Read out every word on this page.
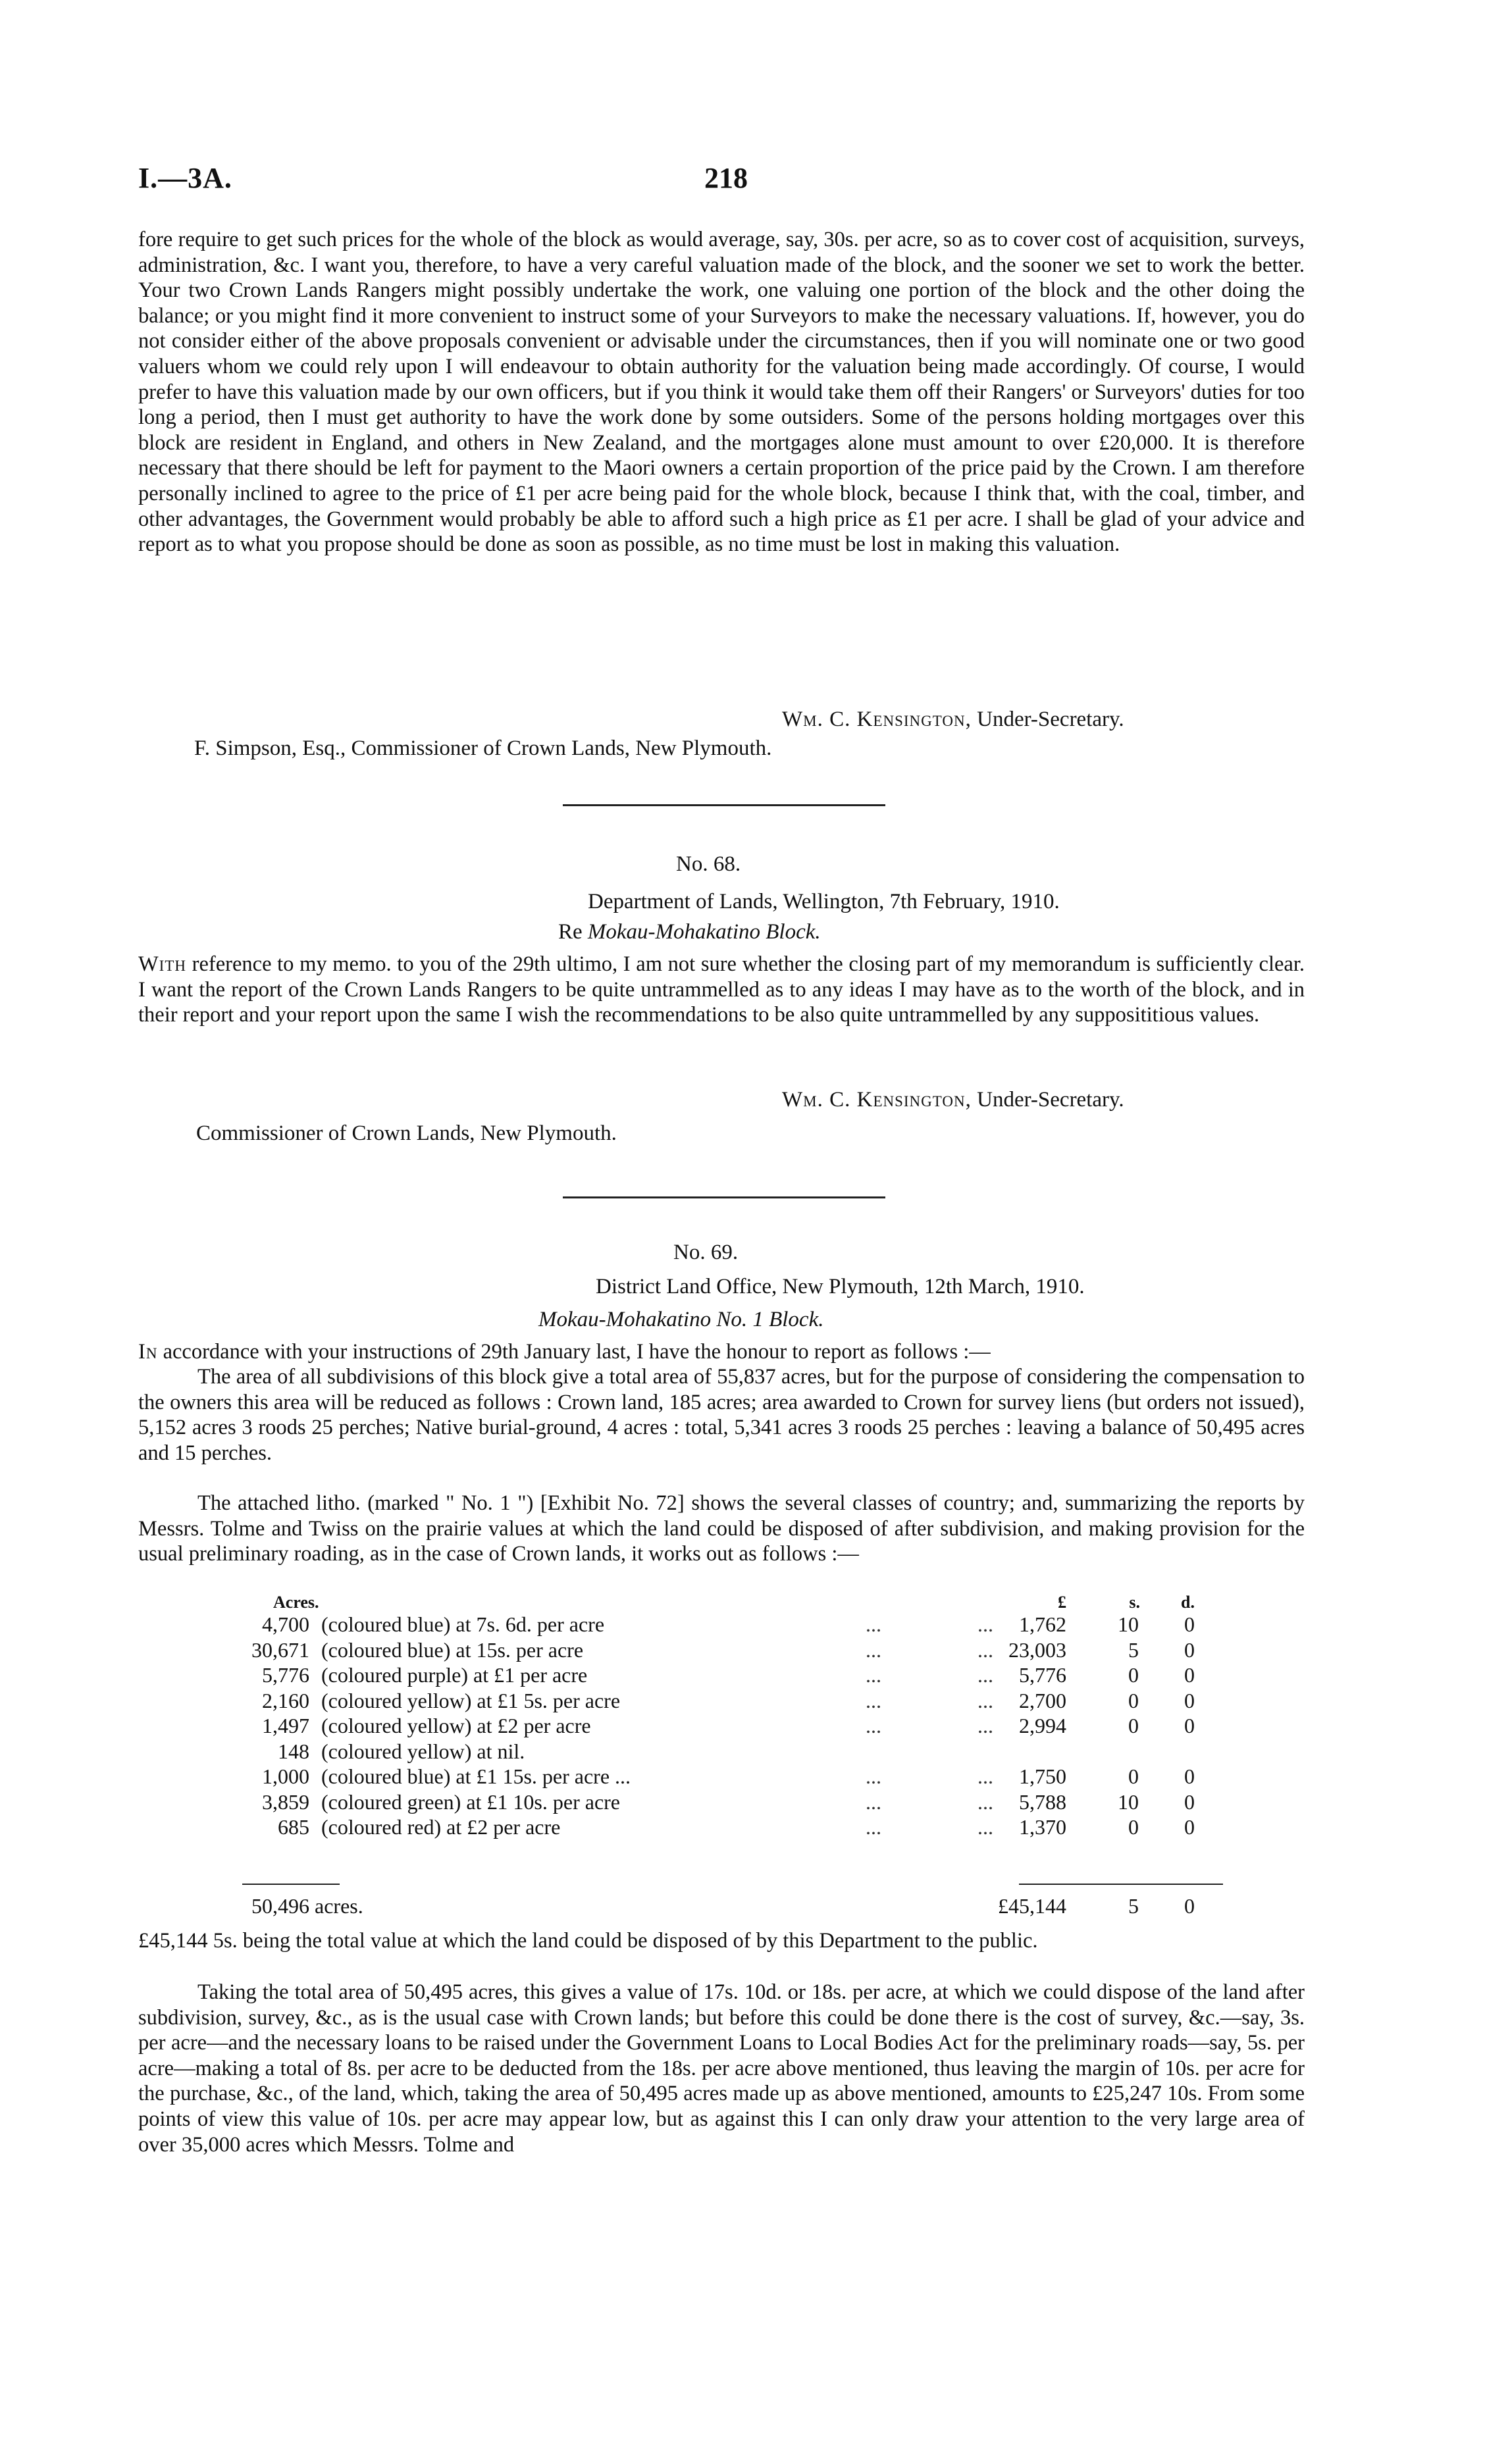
I.—3A.	218

fore require to get such prices for the whole of the block as would average, say, 30s. per acre, so as to cover cost of acquisition, surveys, administration, &c. I want you, therefore, to have a very careful valuation made of the block, and the sooner we set to work the better. Your two Crown Lands Rangers might possibly undertake the work, one valuing one portion of the block and the other doing the balance; or you might find it more convenient to instruct some of your Surveyors to make the necessary valuations. If, however, you do not consider either of the above proposals convenient or advisable under the circumstances, then if you will nominate one or two good valuers whom we could rely upon I will endeavour to obtain authority for the valuation being made accordingly. Of course, I would prefer to have this valuation made by our own officers, but if you think it would take them off their Rangers' or Surveyors' duties for too long a period, then I must get authority to have the work done by some outsiders. Some of the persons holding mortgages over this block are resident in England, and others in New Zealand, and the mortgages alone must amount to over £20,000. It is therefore necessary that there should be left for payment to the Maori owners a certain proportion of the price paid by the Crown. I am therefore personally inclined to agree to the price of £1 per acre being paid for the whole block, because I think that, with the coal, timber, and other advantages, the Government would probably be able to afford such a high price as £1 per acre. I shall be glad of your advice and report as to what you propose should be done as soon as possible, as no time must be lost in making this valuation.

Wm. C. Kensington, Under-Secretary.
F. Simpson, Esq., Commissioner of Crown Lands, New Plymouth.
No. 68.
Department of Lands, Wellington, 7th February, 1910.
Re Mokau-Mohakatino Block.

With reference to my memo. to you of the 29th ultimo, I am not sure whether the closing part of my memorandum is sufficiently clear. I want the report of the Crown Lands Rangers to be quite untrammelled as to any ideas I may have as to the worth of the block, and in their report and your report upon the same I wish the recommendations to be also quite untrammelled by any supposititious values.

Wm. C. Kensington, Under-Secretary.
Commissioner of Crown Lands, New Plymouth.
No. 69.
District Land Office, New Plymouth, 12th March, 1910.
Mokau-Mohakatino No. 1 Block.

In accordance with your instructions of 29th January last, I have the honour to report as follows :—

The area of all subdivisions of this block give a total area of 55,837 acres, but for the purpose of considering the compensation to the owners this area will be reduced as follows : Crown land, 185 acres; area awarded to Crown for survey liens (but orders not issued), 5,152 acres 3 roods 25 perches; Native burial-ground, 4 acres : total, 5,341 acres 3 roods 25 perches : leaving a balance of 50,495 acres and 15 perches.

The attached litho. (marked " No. 1 ") [Exhibit No. 72] shows the several classes of country; and, summarizing the reports by Messrs. Tolme and Twiss on the prairie values at which the land could be disposed of after subdivision, and making provision for the usual preliminary roading, as in the case of Crown lands, it works out as follows :—

Acres.	£	s. d.
4,700 (coloured blue) at 7s. 6d. per acre	...	... 1,762 10 0
30,671 (coloured blue) at 15s. per acre	...	... 23,003	5 0
5,776 (coloured purple) at £1 per acre	...	... 5,776	0 0
2,160 (coloured yellow) at £1 5s. per acre	...	... 2,700	0 0
1,497 (coloured yellow) at £2 per acre	...	... 2,994	0 0
148 (coloured yellow) at nil.
1,000 (coloured blue) at £1 15s. per acre ...	...	... 1,750	0 0
3,859 (coloured green) at £1 10s. per acre	...	... 5,788 10 0
685 (coloured red) at £2 per acre	...	... 1,370	0 0
50,496 acres.	£45,144	5 0

£45,144 5s. being the total value at which the land could be disposed of by this Department to the public.

Taking the total area of 50,495 acres, this gives a value of 17s. 10d. or 18s. per acre, at which we could dispose of the land after subdivision, survey, &c., as is the usual case with Crown lands; but before this could be done there is the cost of survey, &c.—say, 3s. per acre—and the necessary loans to be raised under the Government Loans to Local Bodies Act for the preliminary roads—say, 5s. per acre—making a total of 8s. per acre to be deducted from the 18s. per acre above mentioned, thus leaving the margin of 10s. per acre for the purchase, &c., of the land, which, taking the area of 50,495 acres made up as above mentioned, amounts to £25,247 10s. From some points of view this value of 10s. per acre may appear low, but as against this I can only draw your attention to the very large area of over 35,000 acres which Messrs. Tolme and
